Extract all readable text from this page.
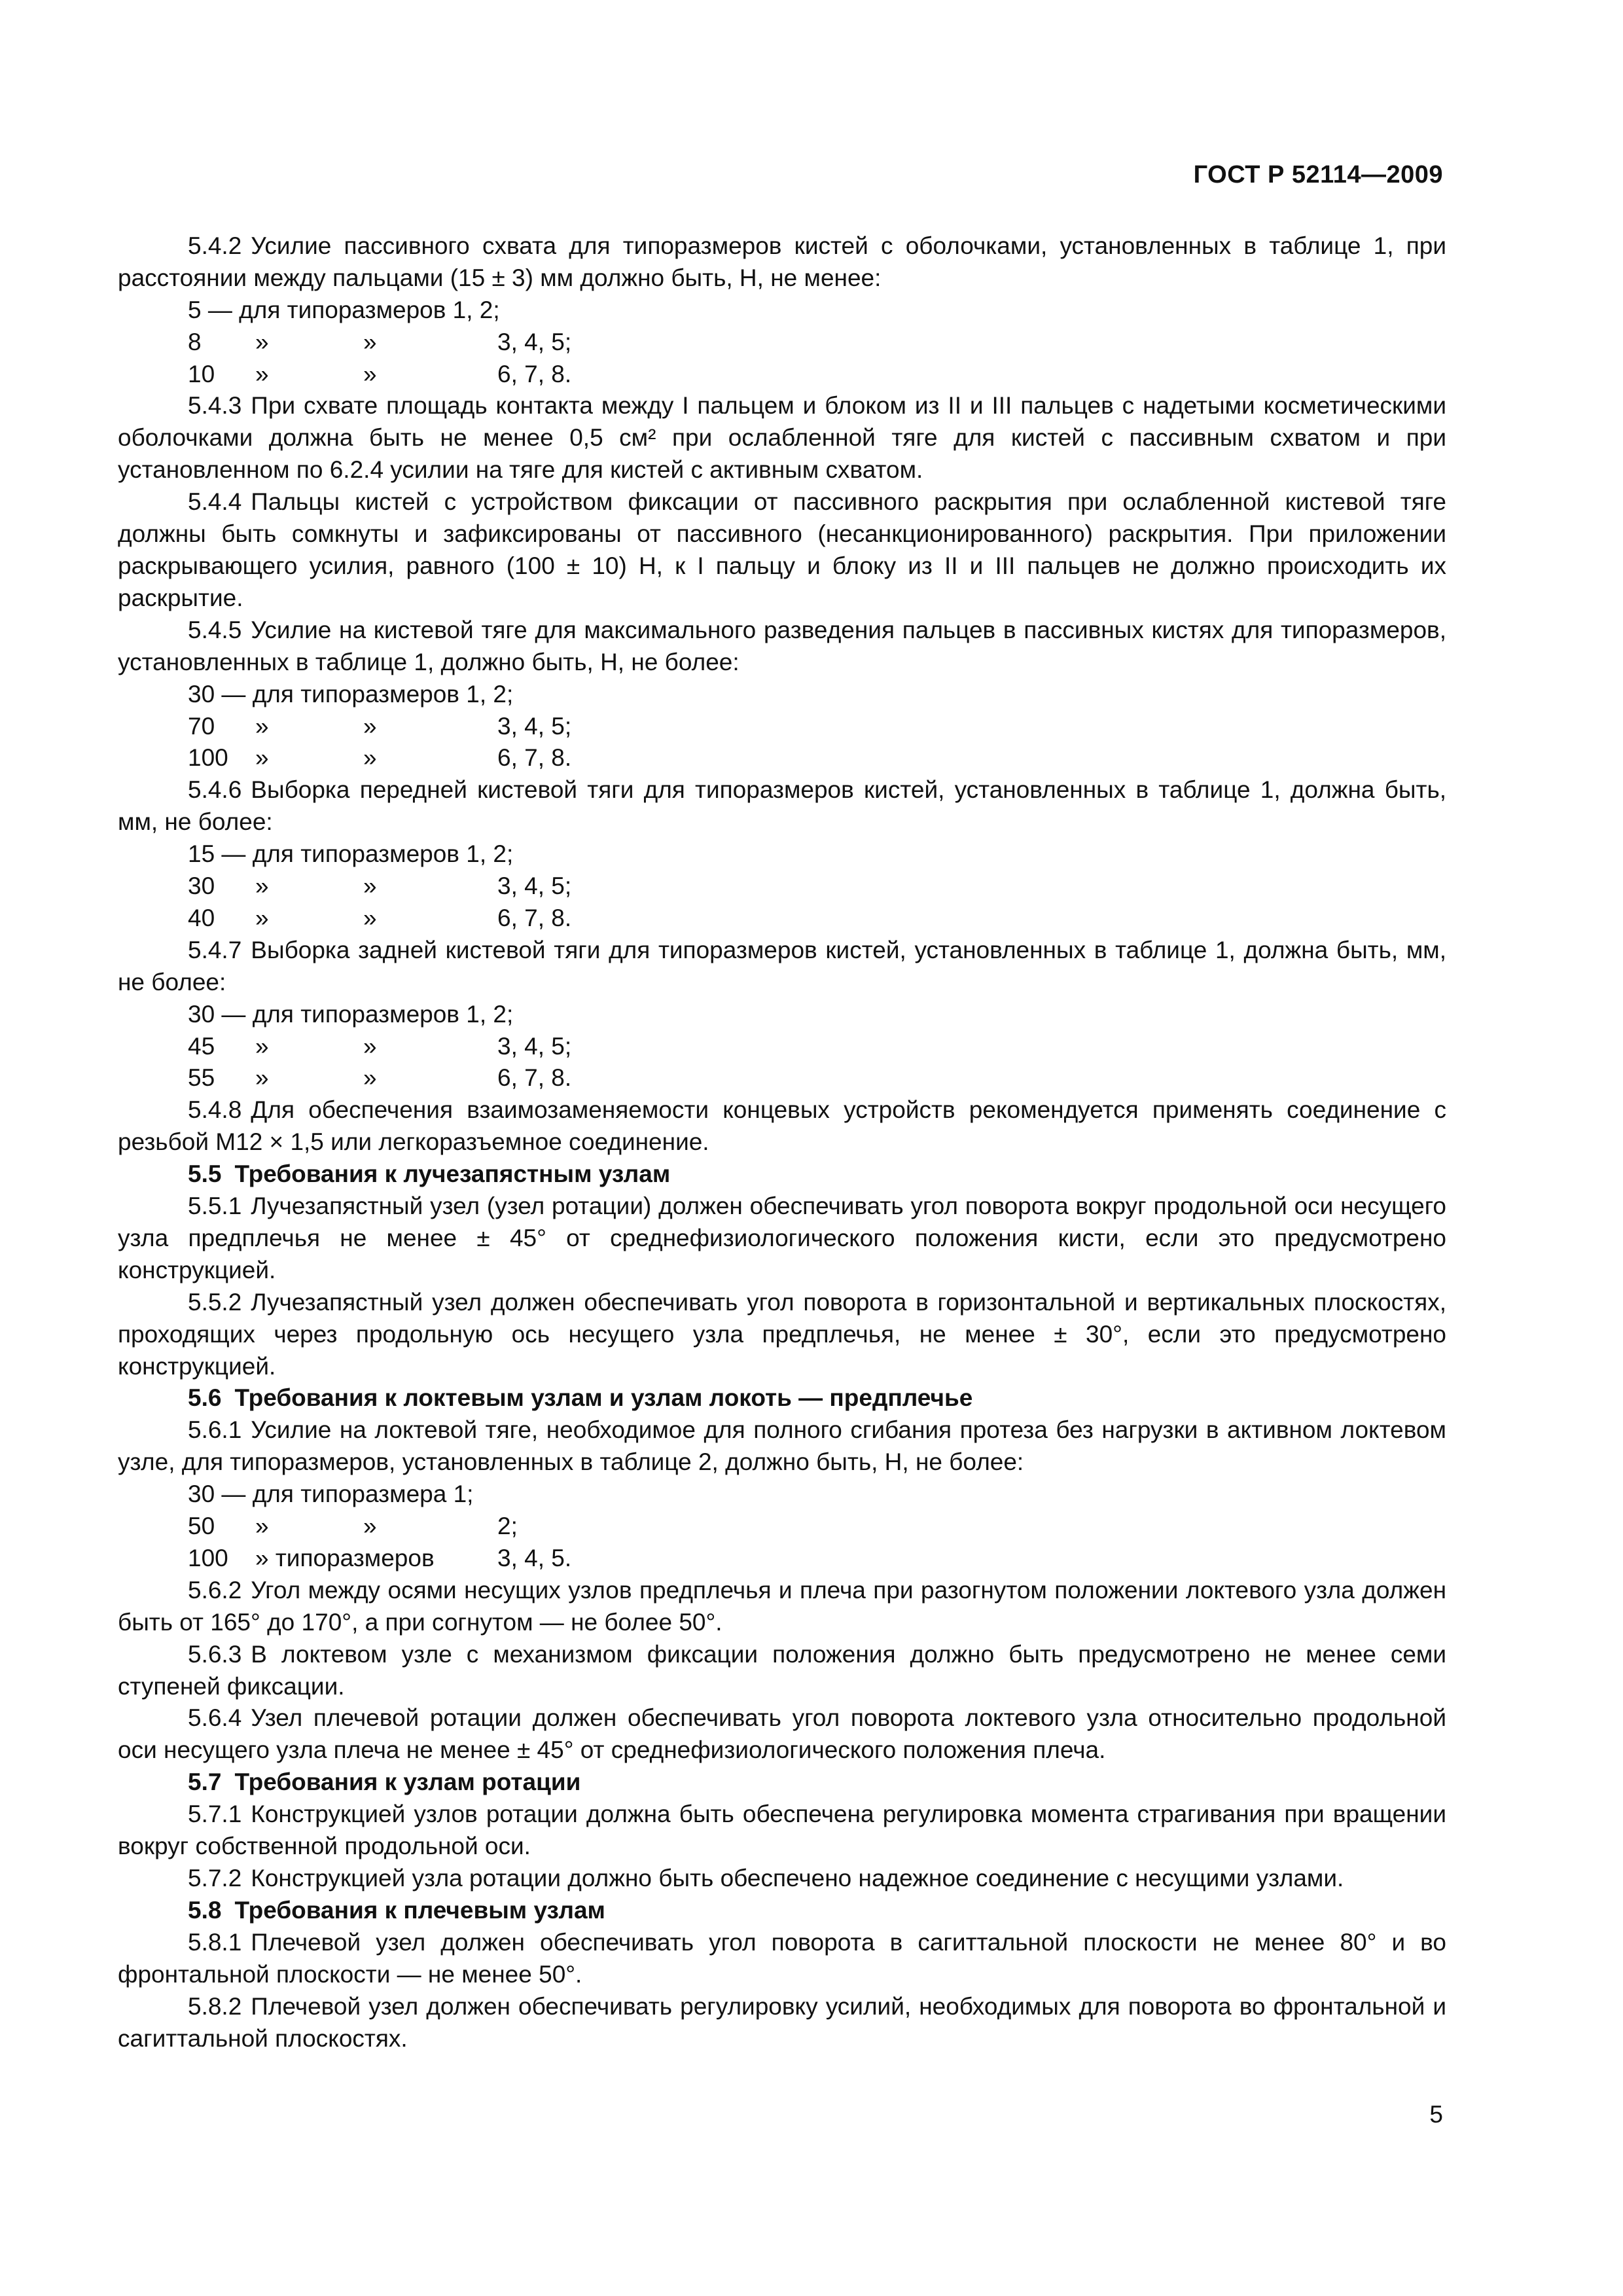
ГОСТ Р 52114—2009

5.4.2 Усилие пассивного схвата для типоразмеров кистей с оболочками, установленных в таблице 1, при расстоянии между пальцами (15 ± 3) мм должно быть, Н, не менее:

5 — для типоразмеров 1, 2;
8 »	»	3, 4, 5;
10 »	»	6, 7, 8.

5.4.3 При схвате площадь контакта между I пальцем и блоком из II и III пальцев с надетыми косметическими оболочками должна быть не менее 0,5 см² при ослабленной тяге для кистей с пассивным схватом и при установленном по 6.2.4 усилии на тяге для кистей с активным схватом.

5.4.4 Пальцы кистей с устройством фиксации от пассивного раскрытия при ослабленной кистевой тяге должны быть сомкнуты и зафиксированы от пассивного (несанкционированного) раскрытия. При приложении раскрывающего усилия, равного (100 ± 10) Н, к I пальцу и блоку из II и III пальцев не должно происходить их раскрытие.

5.4.5 Усилие на кистевой тяге для максимального разведения пальцев в пассивных кистях для типоразмеров, установленных в таблице 1, должно быть, Н, не более:

30 — для типоразмеров 1, 2;
70 »	»	3, 4, 5;
100 »	»	6, 7, 8.

5.4.6 Выборка передней кистевой тяги для типоразмеров кистей, установленных в таблице 1, должна быть, мм, не более:

15 — для типоразмеров 1, 2;
30 »	»	3, 4, 5;
40 »	»	6, 7, 8.

5.4.7 Выборка задней кистевой тяги для типоразмеров кистей, установленных в таблице 1, должна быть, мм, не более:

30 — для типоразмеров 1, 2;
45 »	»	3, 4, 5;
55 »	»	6, 7, 8.

5.4.8 Для обеспечения взаимозаменяемости концевых устройств рекомендуется применять соединение с резьбой М12 × 1,5 или легкоразъемное соединение.

5.5 Требования к лучезапястным узлам

5.5.1 Лучезапястный узел (узел ротации) должен обеспечивать угол поворота вокруг продольной оси несущего узла предплечья не менее ± 45° от среднефизиологического положения кисти, если это предусмотрено конструкцией.

5.5.2 Лучезапястный узел должен обеспечивать угол поворота в горизонтальной и вертикальных плоскостях, проходящих через продольную ось несущего узла предплечья, не менее ± 30°, если это предусмотрено конструкцией.

5.6 Требования к локтевым узлам и узлам локоть — предплечье

5.6.1 Усилие на локтевой тяге, необходимое для полного сгибания протеза без нагрузки в активном локтевом узле, для типоразмеров, установленных в таблице 2, должно быть, Н, не более:

30 — для типоразмера 1;
50 »	»	2;
100 » типоразмеров	3, 4, 5.

5.6.2 Угол между осями несущих узлов предплечья и плеча при разогнутом положении локтевого узла должен быть от 165° до 170°, а при согнутом — не более 50°.

5.6.3 В локтевом узле с механизмом фиксации положения должно быть предусмотрено не менее семи ступеней фиксации.

5.6.4 Узел плечевой ротации должен обеспечивать угол поворота локтевого узла относительно продольной оси несущего узла плеча не менее ± 45° от среднефизиологического положения плеча.

5.7 Требования к узлам ротации

5.7.1 Конструкцией узлов ротации должна быть обеспечена регулировка момента страгивания при вращении вокруг собственной продольной оси.

5.7.2 Конструкцией узла ротации должно быть обеспечено надежное соединение с несущими узлами.

5.8 Требования к плечевым узлам

5.8.1 Плечевой узел должен обеспечивать угол поворота в сагиттальной плоскости не менее 80° и во фронтальной плоскости — не менее 50°.

5.8.2 Плечевой узел должен обеспечивать регулировку усилий, необходимых для поворота во фронтальной и сагиттальной плоскостях.

5
